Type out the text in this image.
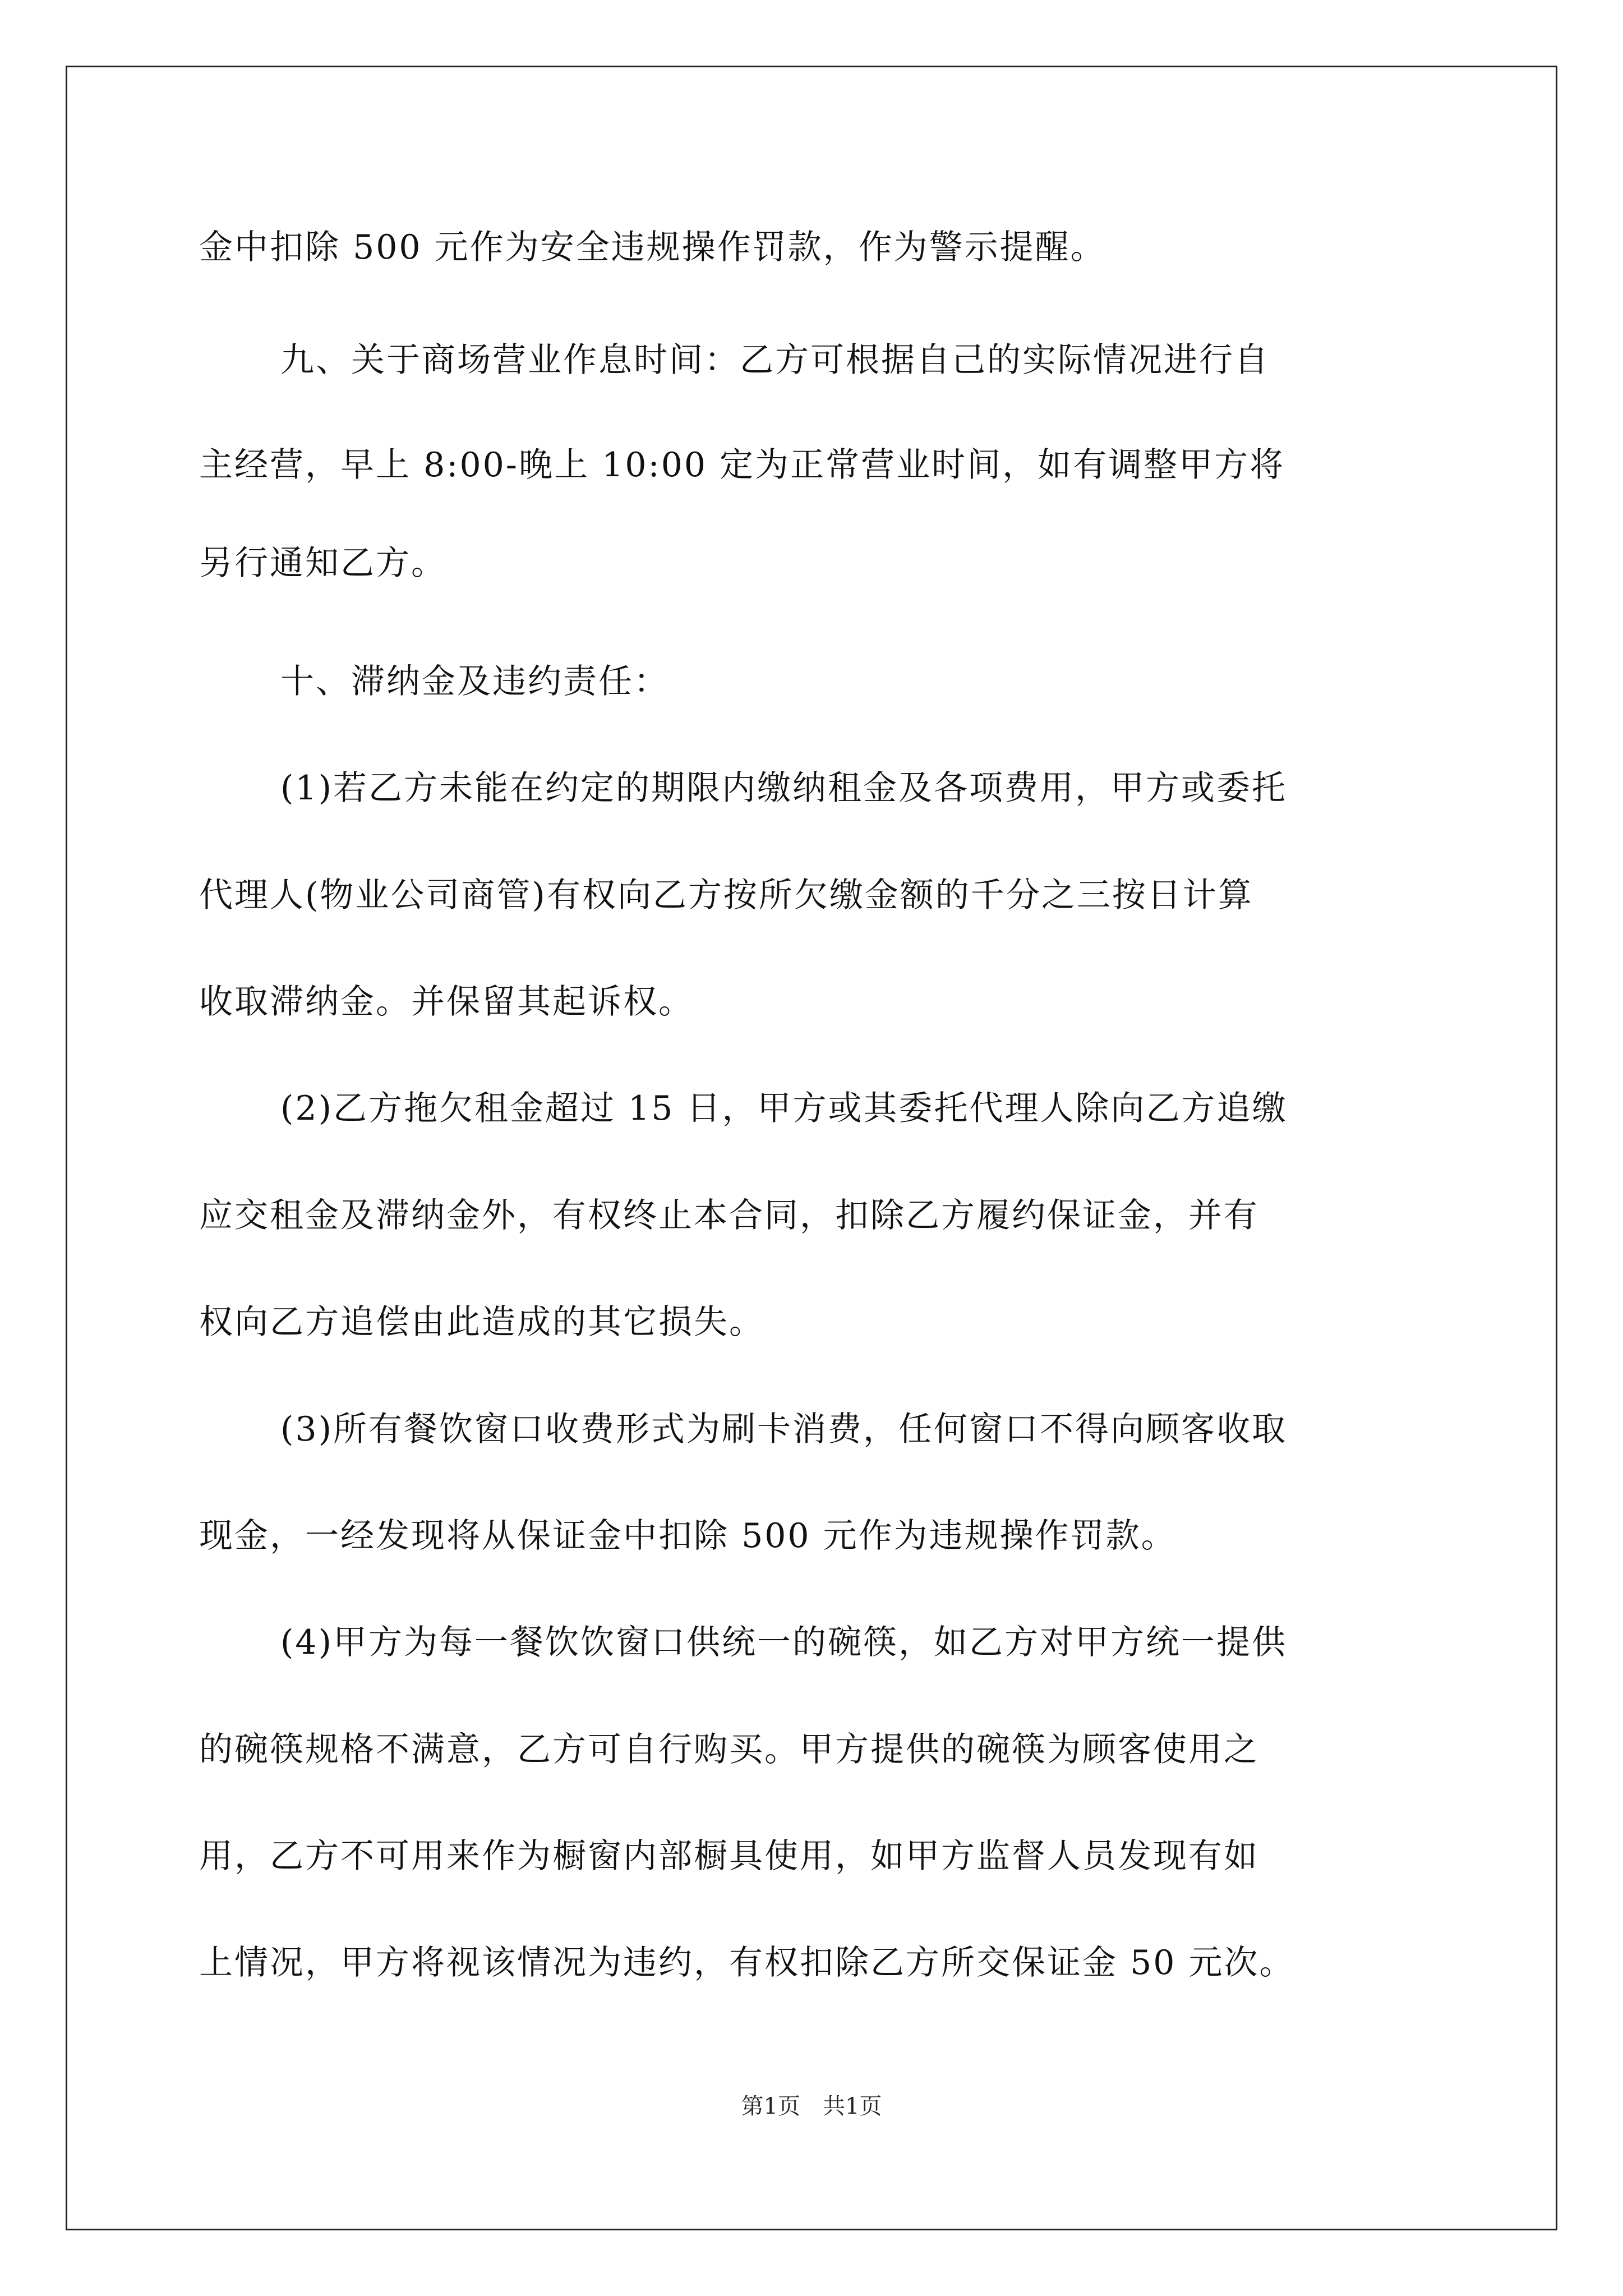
金中扣除 500 元作为安全违规操作罚款，作为警示提醒。
九、关于商场营业作息时间：乙方可根据自己的实际情况进行自
主经营，早上 8:00-晚上 10:00 定为正常营业时间，如有调整甲方将
另行通知乙方。
十、滞纳金及违约责任：
(1)若乙方未能在约定的期限内缴纳租金及各项费用，甲方或委托
代理人(物业公司商管)有权向乙方按所欠缴金额的千分之三按日计算
收取滞纳金。并保留其起诉权。
(2)乙方拖欠租金超过 15 日，甲方或其委托代理人除向乙方追缴
应交租金及滞纳金外，有权终止本合同，扣除乙方履约保证金，并有
权向乙方追偿由此造成的其它损失。
(3)所有餐饮窗口收费形式为刷卡消费，任何窗口不得向顾客收取
现金，一经发现将从保证金中扣除 500 元作为违规操作罚款。
(4)甲方为每一餐饮饮窗口供统一的碗筷，如乙方对甲方统一提供
的碗筷规格不满意，乙方可自行购买。甲方提供的碗筷为顾客使用之
用，乙方不可用来作为橱窗内部橱具使用，如甲方监督人员发现有如
上情况，甲方将视该情况为违约，有权扣除乙方所交保证金 50 元次。
第1页　共1页
